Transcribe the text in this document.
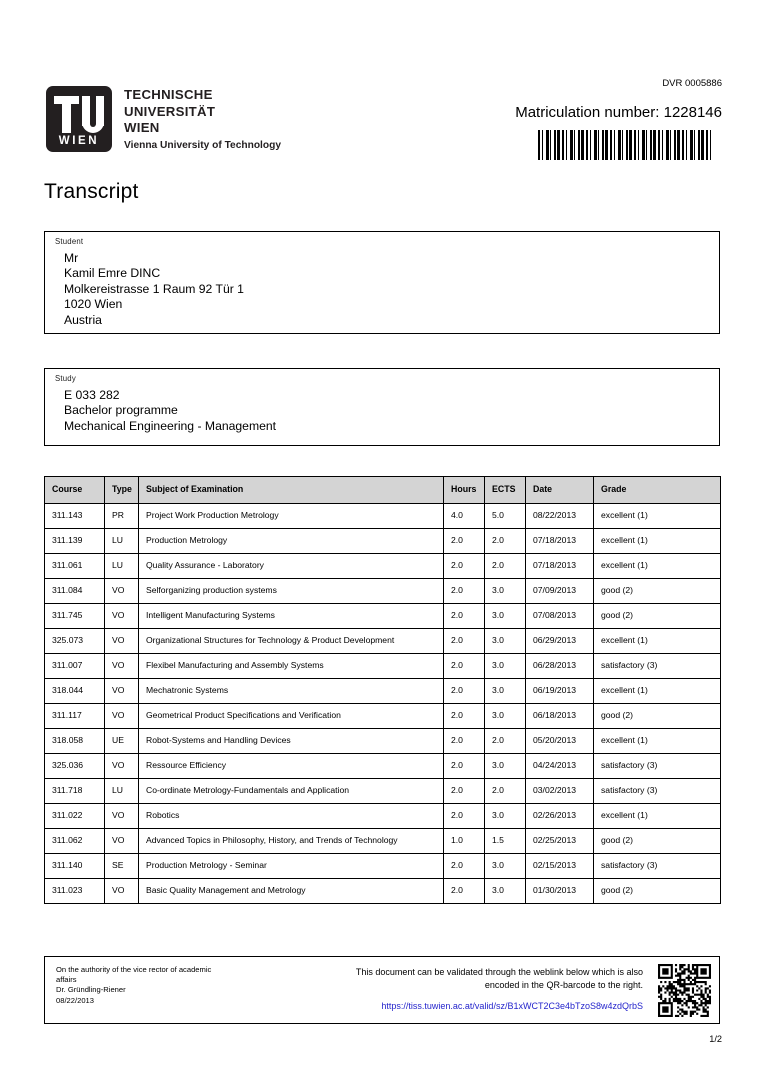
WIEN
TECHNISCHE
UNIVERSITÄT
WIEN
Vienna University of Technology
DVR 0005886
Matriculation number: 1228146
Transcript
Student
Mr
Kamil Emre DINC
Molkereistrasse 1 Raum 92 Tür 1
1020 Wien
Austria
Study
E 033 282
Bachelor programme
Mechanical Engineering - Management
Course	Type	Subject of Examination	Hours	ECTS	Date	Grade
311.143	PR	Project Work Production Metrology	4.0	5.0	08/22/2013	excellent (1)
311.139	LU	Production Metrology	2.0	2.0	07/18/2013	excellent (1)
311.061	LU	Quality Assurance - Laboratory	2.0	2.0	07/18/2013	excellent (1)
311.084	VO	Selforganizing production systems	2.0	3.0	07/09/2013	good (2)
311.745	VO	Intelligent Manufacturing Systems	2.0	3.0	07/08/2013	good (2)
325.073	VO	Organizational Structures for Technology & Product Development	2.0	3.0	06/29/2013	excellent (1)
311.007	VO	Flexibel Manufacturing and Assembly Systems	2.0	3.0	06/28/2013	satisfactory (3)
318.044	VO	Mechatronic Systems	2.0	3.0	06/19/2013	excellent (1)
311.117	VO	Geometrical Product Specifications and Verification	2.0	3.0	06/18/2013	good (2)
318.058	UE	Robot-Systems and Handling Devices	2.0	2.0	05/20/2013	excellent (1)
325.036	VO	Ressource Efficiency	2.0	3.0	04/24/2013	satisfactory (3)
311.718	LU	Co-ordinate Metrology-Fundamentals and Application	2.0	2.0	03/02/2013	satisfactory (3)
311.022	VO	Robotics	2.0	3.0	02/26/2013	excellent (1)
311.062	VO	Advanced Topics in Philosophy, History, and Trends of Technology	1.0	1.5	02/25/2013	good (2)
311.140	SE	Production Metrology - Seminar	2.0	3.0	02/15/2013	satisfactory (3)
311.023	VO	Basic Quality Management and Metrology	2.0	3.0	01/30/2013	good (2)
On the authority of the vice rector of academic
affairs
Dr. Gründling-Riener
08/22/2013
This document can be validated through the weblink below which is also
encoded in the QR-barcode to the right.
https://tiss.tuwien.ac.at/valid/sz/B1xWCT2C3e4bTzoS8w4zdQrbS
1/2
